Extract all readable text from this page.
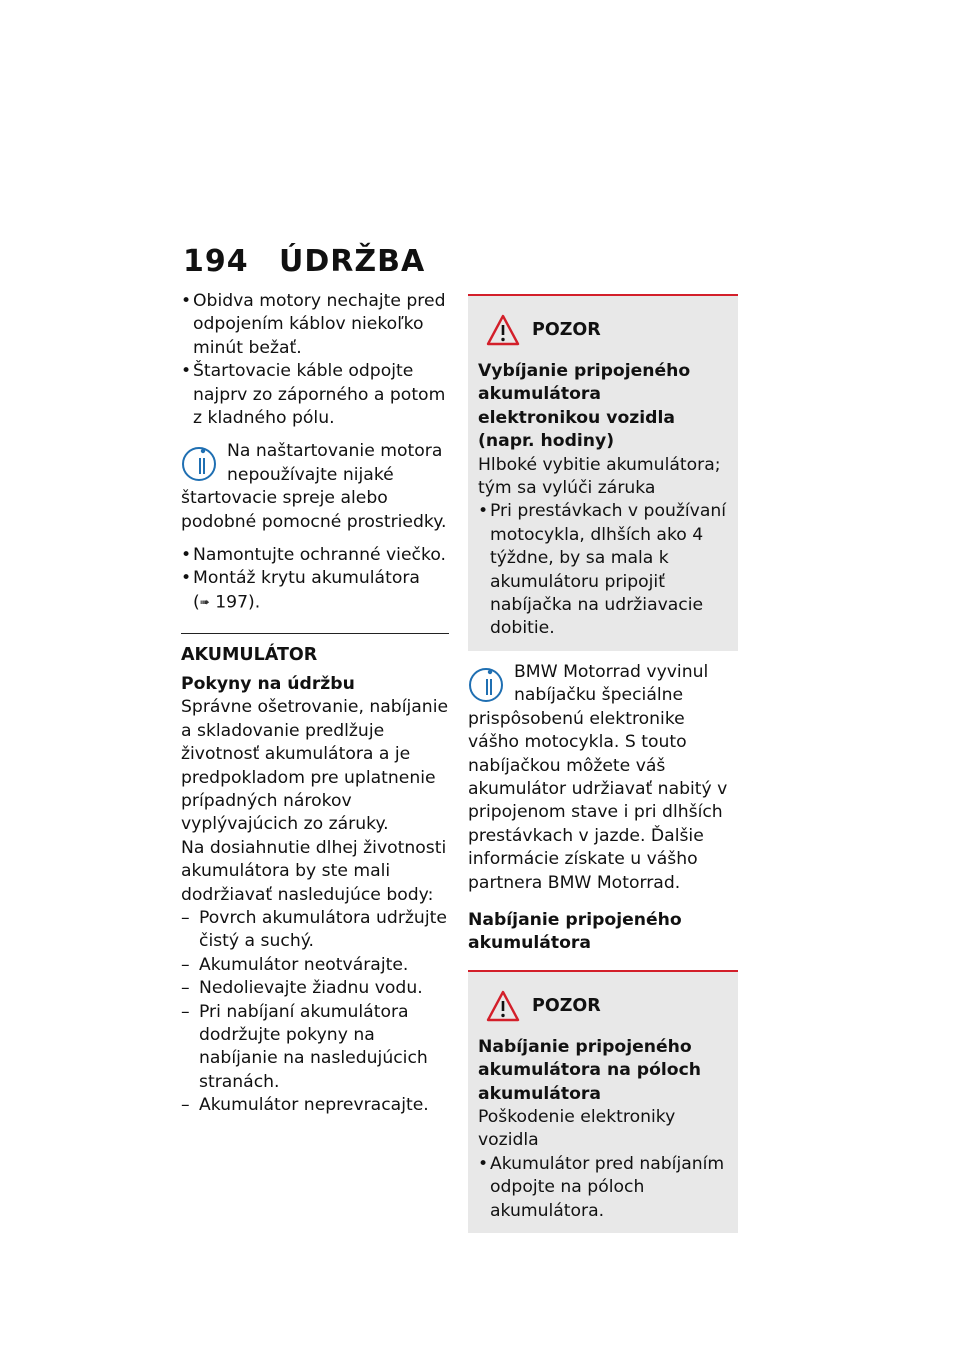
194 ÚDRŽBA
• Obidva motory nechajte pred odpojením káblov niekoľko minút bežať.
• Štartovacie káble odpojte najprv zo záporného a potom z kladného pólu.
Na naštartovanie motora nepoužívajte nijaké štartovacie spreje alebo podobné pomocné prostriedky.
• Namontujte ochranné viečko.
• Montáž krytu akumulátora
(➠ 197).
AKUMULÁTOR
Pokyny na údržbu

Správne ošetrovanie, nabíjanie a skladovanie predlžuje životnosť akumulátora a je predpokladom pre uplatnenie prípadných nárokov vyplývajúcich zo záruky.

Na dosiahnutie dlhej životnosti akumulátora by ste mali dodržiavať nasledujúce body:

– Povrch akumulátora udržujte čistý a suchý.
– Akumulátor neotvárajte.
– Nedolievajte žiadnu vodu.
– Pri nabíjaní akumulátora dodržujte pokyny na nabíjanie na nasledujúcich stranách.
– Akumulátor neprevracajte.
POZOR
Vybíjanie pripojeného akumulátora elektronikou vozidla (napr. hodiny)
Hlboké vybitie akumulátora; tým sa vylúči záruka
• Pri prestávkach v používaní motocykla, dlhších ako 4 týždne, by sa mala k akumulátoru pripojiť nabíjačka na udržiavacie dobitie.
BMW Motorrad vyvinul nabíjačku špeciálne prispôsobenú elektronike vášho motocykla. S touto nabíjačkou môžete váš akumulátor udržiavať nabitý v pripojenom stave i pri dlhších prestávkach v jazde. Ďalšie informácie získate u vášho partnera BMW Motorrad.
Nabíjanie pripojeného akumulátora
POZOR
Nabíjanie pripojeného akumulátora na póloch akumulátora
Poškodenie elektroniky vozidla
• Akumulátor pred nabíjaním odpojte na póloch akumulátora.
